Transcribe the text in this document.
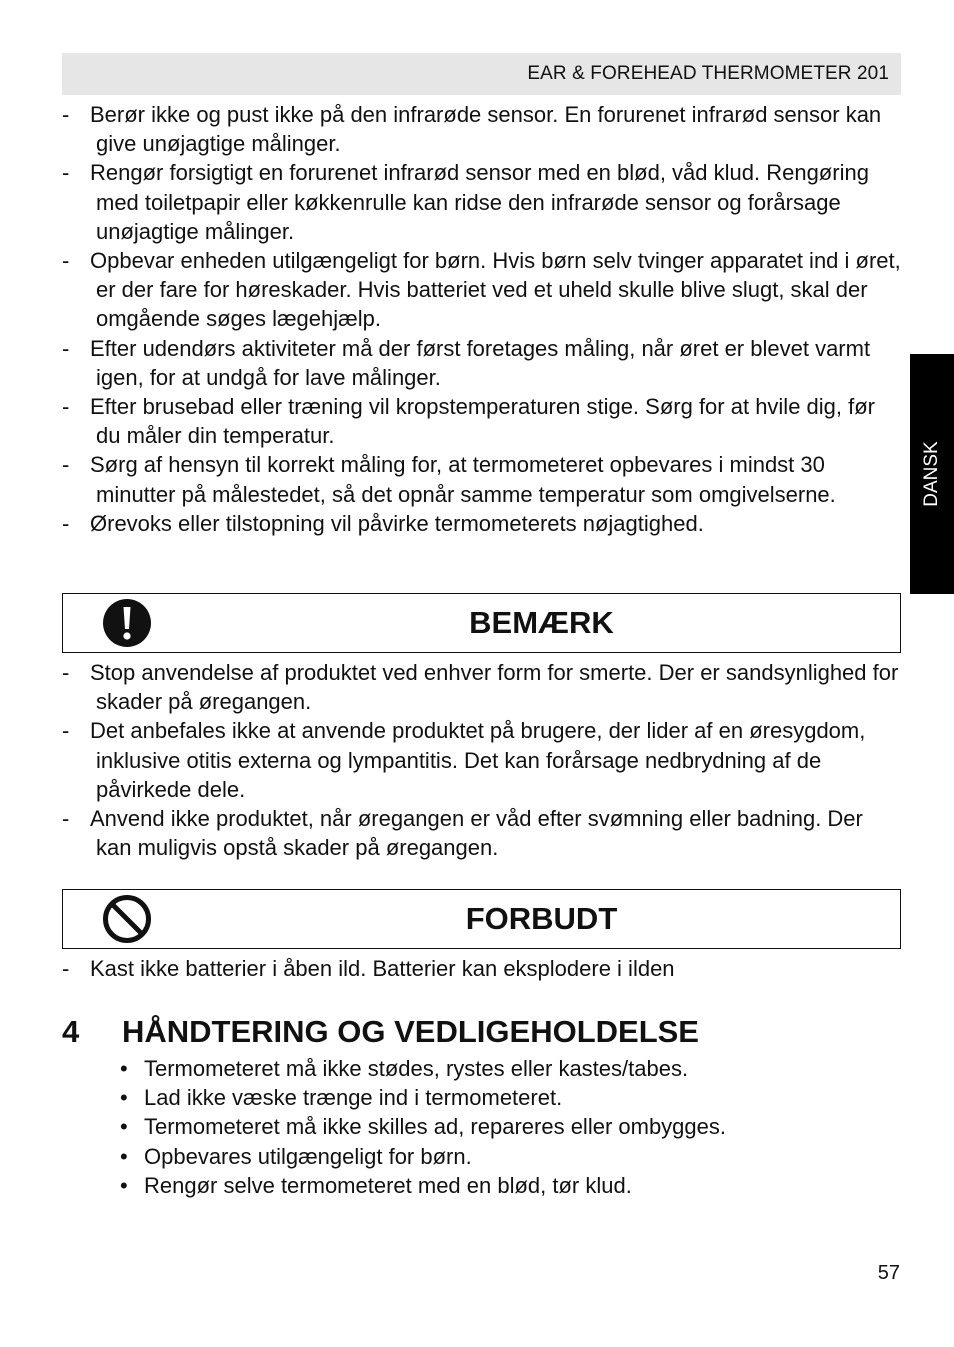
EAR & FOREHEAD THERMOMETER 201
DANSK
- Berør ikke og pust ikke på den infrarøde sensor. En forurenet infrarød sensor kan give unøjagtige målinger.
- Rengør forsigtigt en forurenet infrarød sensor med en blød, våd klud. Rengøring med toiletpapir eller køkkenrulle kan ridse den infrarøde sensor og forårsage unøjagtige målinger.
- Opbevar enheden utilgængeligt for børn. Hvis børn selv tvinger apparatet ind i øret, er der fare for høreskader. Hvis batteriet ved et uheld skulle blive slugt, skal der omgående søges lægehjælp.
- Efter udendørs aktiviteter må der først foretages måling, når øret er blevet varmt igen, for at undgå for lave målinger.
- Efter brusebad eller træning vil kropstemperaturen stige. Sørg for at hvile dig, før du måler din temperatur.
- Sørg af hensyn til korrekt måling for, at termometeret opbevares i mindst 30 minutter på målestedet, så det opnår samme temperatur som omgivelserne.
- Ørevoks eller tilstopning vil påvirke termometerets nøjagtighed.
BEMÆRK
- Stop anvendelse af produktet ved enhver form for smerte. Der er sandsynlighed for skader på øregangen.
- Det anbefales ikke at anvende produktet på brugere, der lider af en øresygdom, inklusive otitis externa og lympantitis. Det kan forårsage nedbrydning af de påvirkede dele.
- Anvend ikke produktet, når øregangen er våd efter svømning eller badning. Der kan muligvis opstå skader på øregangen.
FORBUDT
- Kast ikke batterier i åben ild. Batterier kan eksplodere i ilden
4 HÅNDTERING OG VEDLIGEHOLDELSE
• Termometeret må ikke stødes, rystes eller kastes/tabes.
• Lad ikke væske trænge ind i termometeret.
• Termometeret må ikke skilles ad, repareres eller ombygges.
• Opbevares utilgængeligt for børn.
• Rengør selve termometeret med en blød, tør klud.
57
